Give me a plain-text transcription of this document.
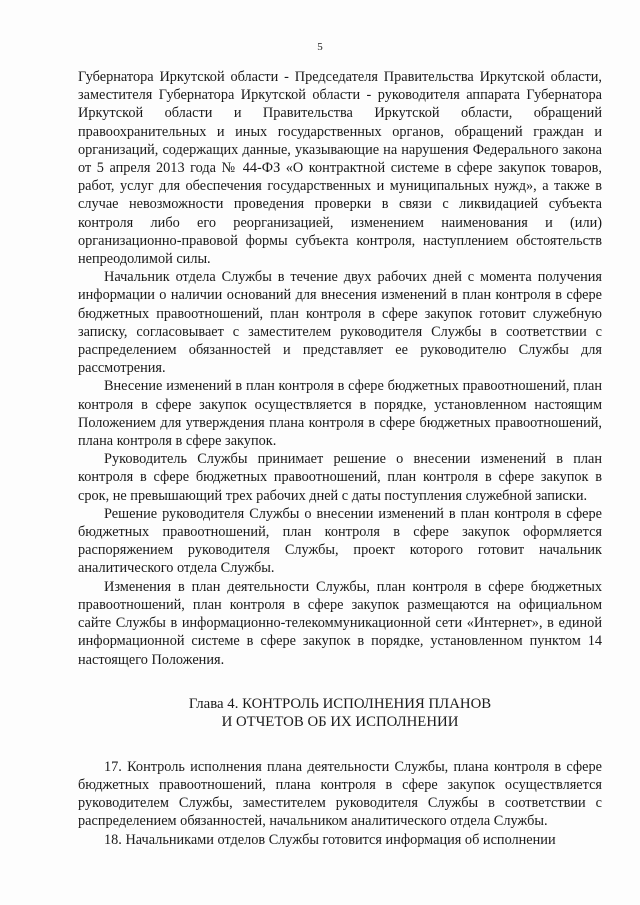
5

Губернатора Иркутской области - Председателя Правительства Иркутской области, заместителя Губернатора Иркутской области - руководителя аппарата Губернатора Иркутской области и Правительства Иркутской области, обращений правоохранительных и иных государственных органов, обращений граждан и организаций, содержащих данные, указывающие на нарушения Федерального закона от 5 апреля 2013 года № 44-ФЗ «О контрактной системе в сфере закупок товаров, работ, услуг для обеспечения государственных и муниципальных нужд», а также в случае невозможности проведения проверки в связи с ликвидацией субъекта контроля либо его реорганизацией, изменением наименования и (или) организационно-правовой формы субъекта контроля, наступлением обстоятельств непреодолимой силы.

Начальник отдела Службы в течение двух рабочих дней с момента получения информации о наличии оснований для внесения изменений в план контроля в сфере бюджетных правоотношений, план контроля в сфере закупок готовит служебную записку, согласовывает с заместителем руководителя Службы в соответствии с распределением обязанностей и представляет ее руководителю Службы для рассмотрения.

Внесение изменений в план контроля в сфере бюджетных правоотношений, план контроля в сфере закупок осуществляется в порядке, установленном настоящим Положением для утверждения плана контроля в сфере бюджетных правоотношений, плана контроля в сфере закупок.

Руководитель Службы принимает решение о внесении изменений в план контроля в сфере бюджетных правоотношений, план контроля в сфере закупок в срок, не превышающий трех рабочих дней с даты поступления служебной записки.

Решение руководителя Службы о внесении изменений в план контроля в сфере бюджетных правоотношений, план контроля в сфере закупок оформляется распоряжением руководителя Службы, проект которого готовит начальник аналитического отдела Службы.

Изменения в план деятельности Службы, план контроля в сфере бюджетных правоотношений, план контроля в сфере закупок размещаются на официальном сайте Службы в информационно-телекоммуникационной сети «Интернет», в единой информационной системе в сфере закупок в порядке, установленном пунктом 14 настоящего Положения.

Глава 4. КОНТРОЛЬ ИСПОЛНЕНИЯ ПЛАНОВ
И ОТЧЕТОВ ОБ ИХ ИСПОЛНЕНИИ

17. Контроль исполнения плана деятельности Службы, плана контроля в сфере бюджетных правоотношений, плана контроля в сфере закупок осуществляется руководителем Службы, заместителем руководителя Службы в соответствии с распределением обязанностей, начальником аналитического отдела Службы.

18. Начальниками отделов Службы готовится информация об исполнении
